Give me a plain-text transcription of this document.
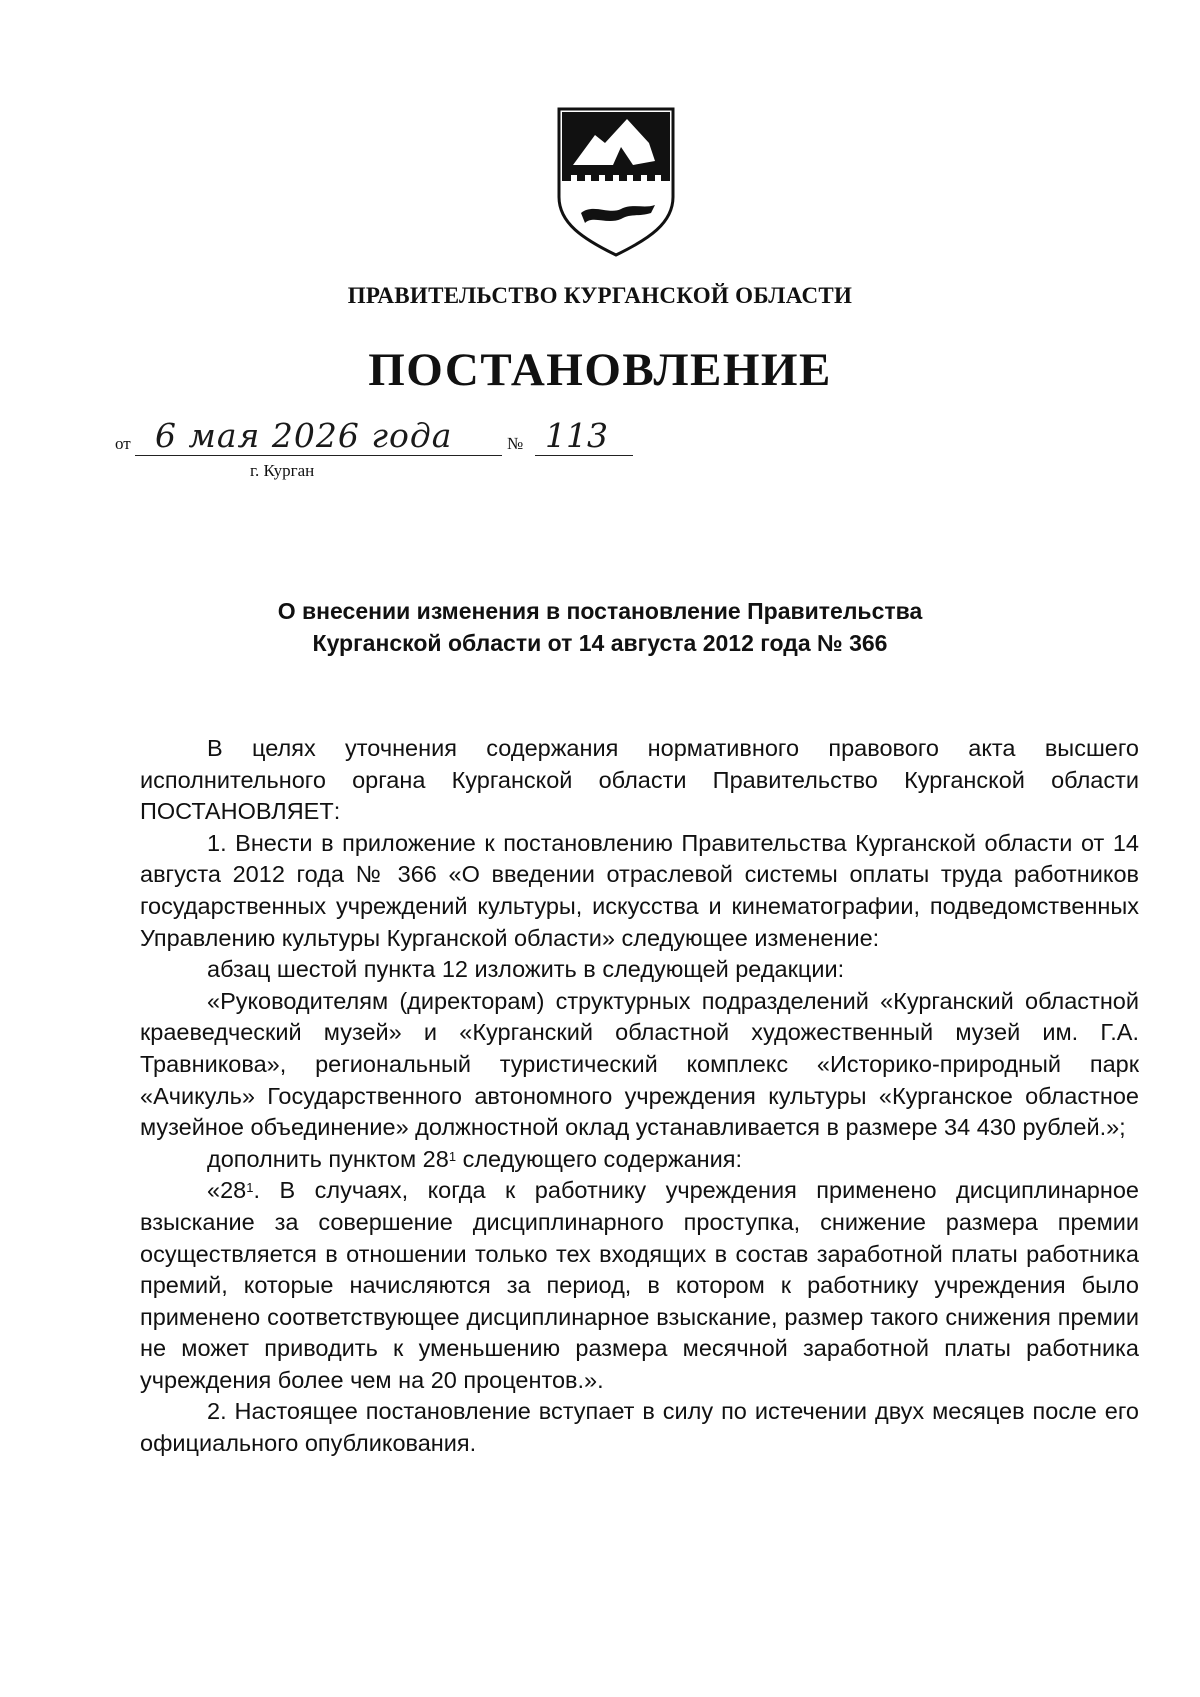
ПРАВИТЕЛЬСТВО КУРГАНСКОЙ ОБЛАСТИ
ПОСТАНОВЛЕНИЕ
от 6 мая 2026 года	№ 113
г. Курган
О внесении изменения в постановление Правительства
Курганской области от 14 августа 2012 года № 366

В целях уточнения содержания нормативного правового акта высшего исполнительного органа Курганской области Правительство Курганской области ПОСТАНОВЛЯЕТ:

1. Внести в приложение к постановлению Правительства Курганской области от 14 августа 2012 года № 366 «О введении отраслевой системы оплаты труда работников государственных учреждений культуры, искусства и кинематографии, подведомственных Управлению культуры Курганской области» следующее изменение:

абзац шестой пункта 12 изложить в следующей редакции:

«Руководителям (директорам) структурных подразделений «Курганский областной краеведческий музей» и «Курганский областной художественный музей им. Г.А. Травникова», региональный туристический комплекс «Историко-природный парк «Ачикуль» Государственного автономного учреждения культуры «Курганское областное музейное объединение» должностной оклад устанавливается в размере 34 430 рублей.»;

дополнить пунктом $28^1$ следующего содержания:

«$28^1$. В случаях, когда к работнику учреждения применено дисциплинарное взыскание за совершение дисциплинарного проступка, снижение размера премии осуществляется в отношении только тех входящих в состав заработной платы работника премий, которые начисляются за период, в котором к работнику учреждения было применено соответствующее дисциплинарное взыскание, размер такого снижения премии не может приводить к уменьшению размера месячной заработной платы работника учреждения более чем на 20 процентов.».

2. Настоящее постановление вступает в силу по истечении двух месяцев после его официального опубликования.
